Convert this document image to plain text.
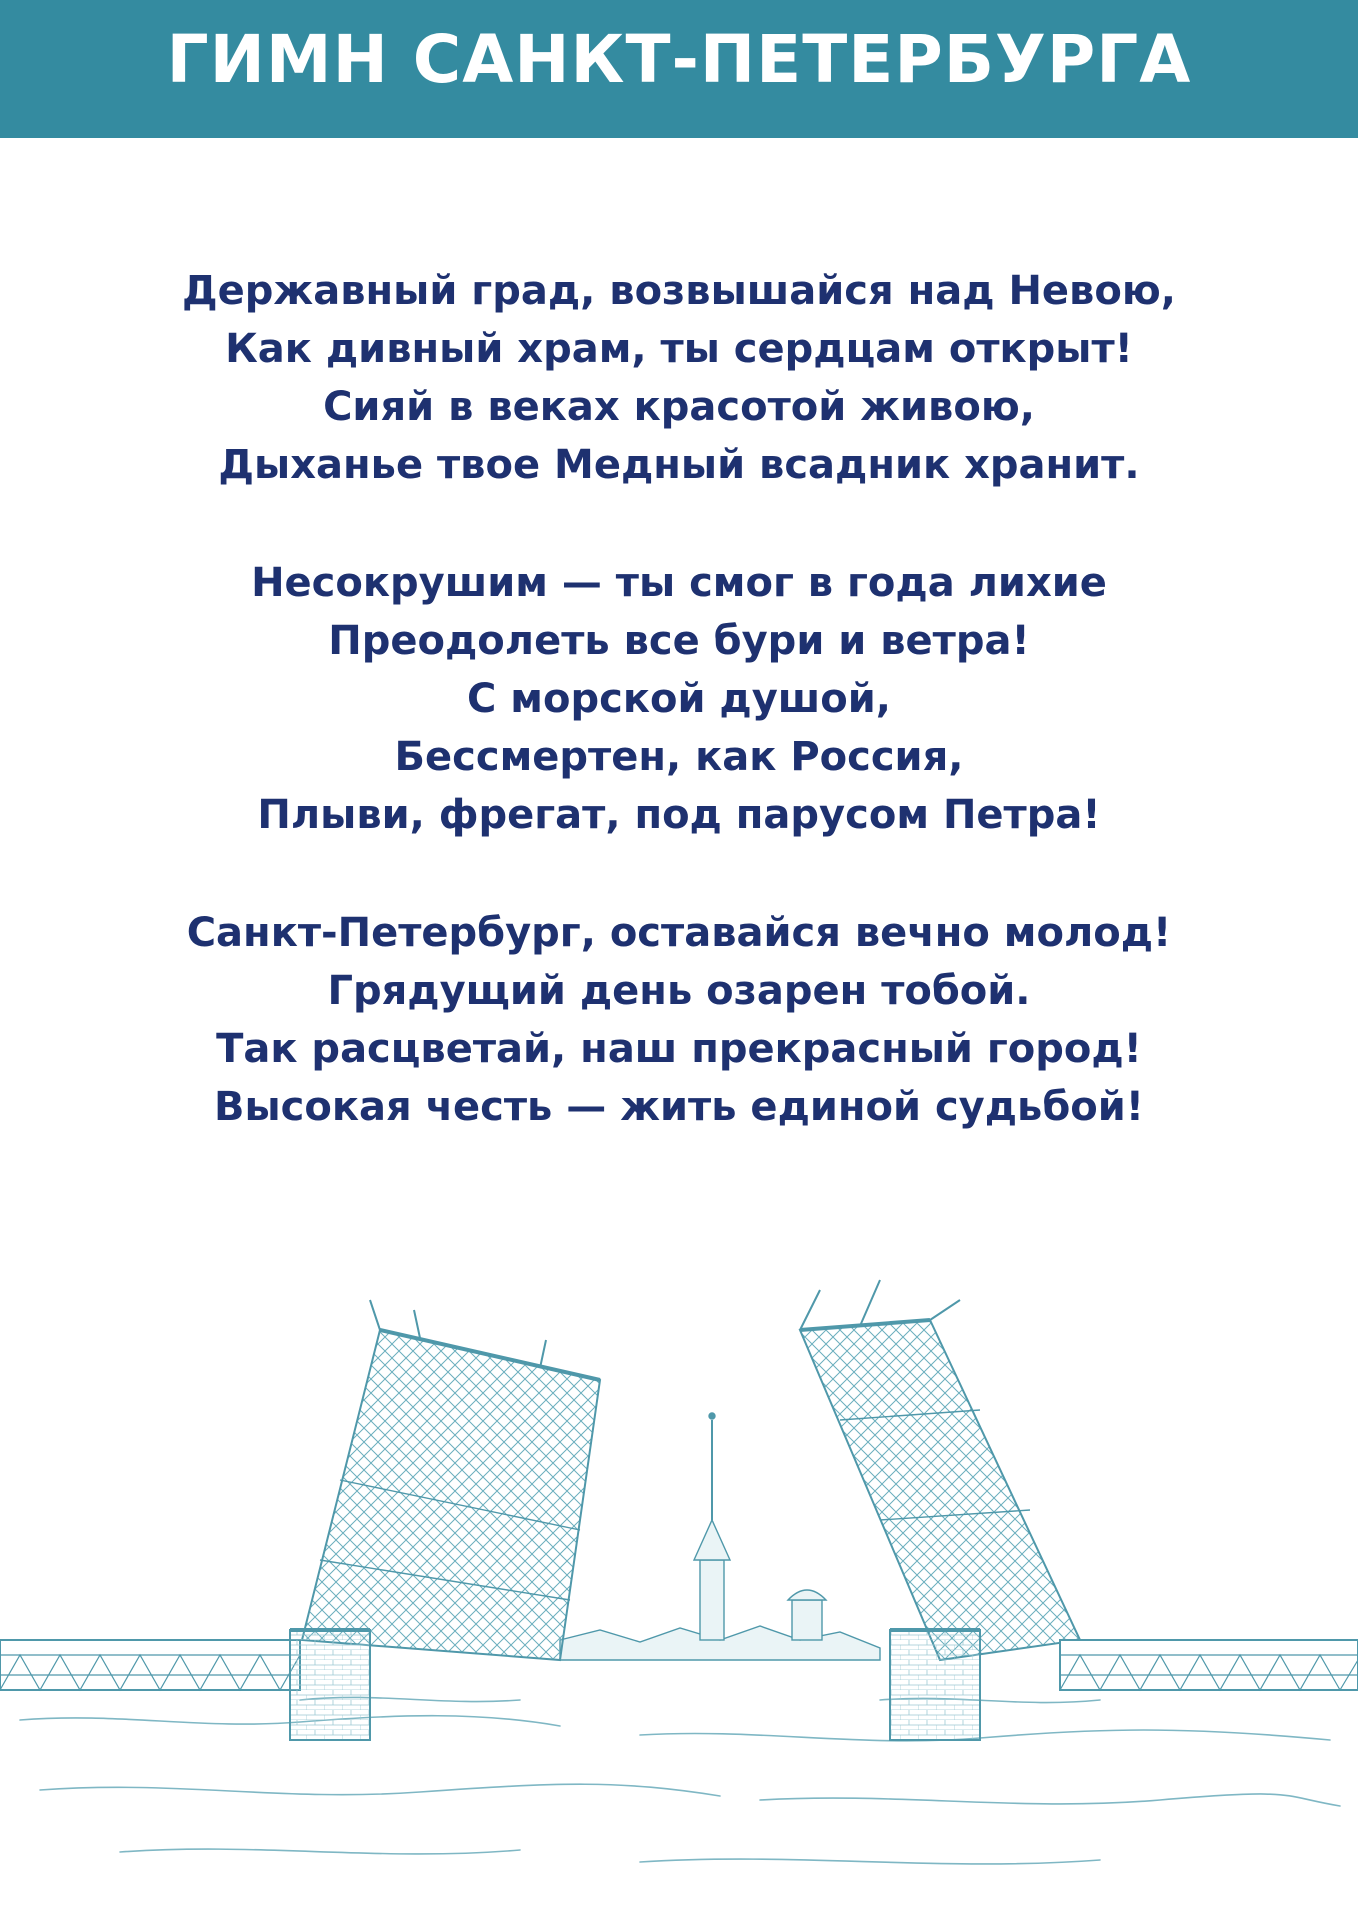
ГИМН САНКТ-ПЕТЕРБУРГА
Державный град, возвышайся над Невою,
Как дивный храм, ты сердцам открыт!
Сияй в веках красотой живою,
Дыханье твое Медный всадник хранит.
Несокрушим — ты смог в года лихие
Преодолеть все бури и ветра!
С морской душой,
Бессмертен, как Россия,
Плыви, фрегат, под парусом Петра!
Санкт-Петербург, оставайся вечно молод!
Грядущий день озарен тобой.
Так расцветай, наш прекрасный город!
Высокая честь — жить единой судьбой!
